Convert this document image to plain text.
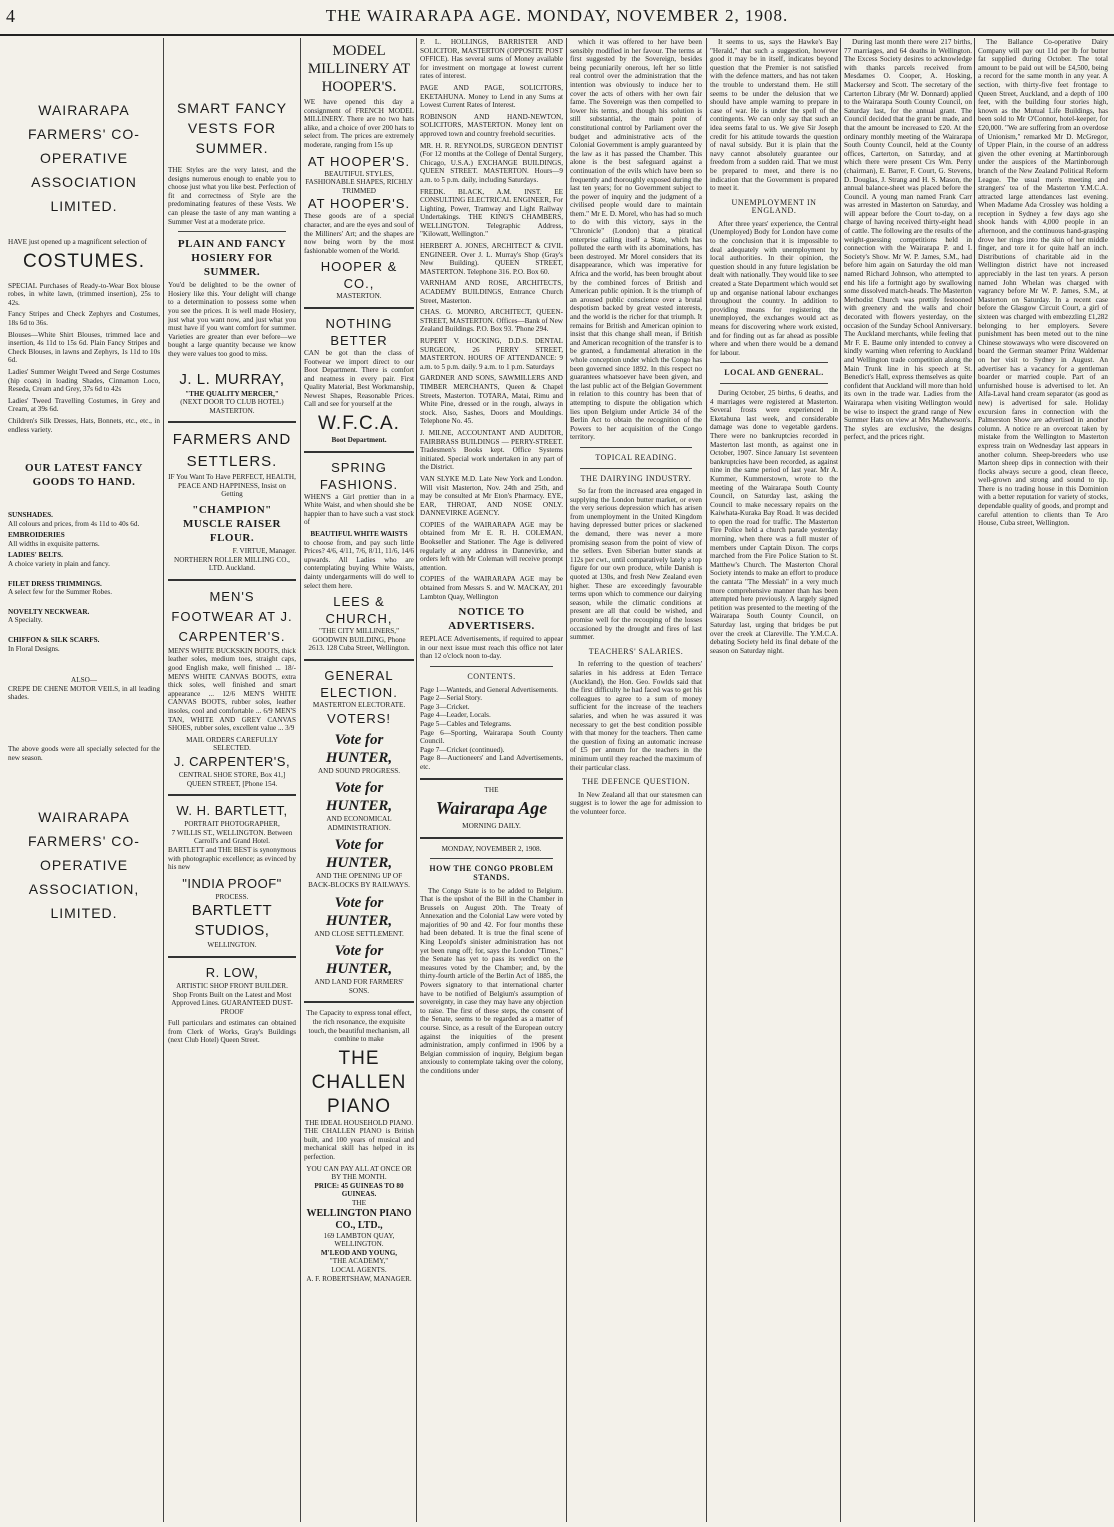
4	THE WAIRARAPA AGE. MONDAY, NOVEMBER 2, 1908.
WAIRARAPA FARMERS' CO-OPERATIVE ASSOCIATION LIMITED.
HAVE just opened up a magnificent selection of
COSTUMES.
SPECIAL Purchases of Ready-to-Wear Box blouse robes, in white lawn, (trimmed insertion), 25s to 42s.
Fancy Stripes and Check Zephyrs and Costumes, 18s 6d to 36s.
Blouses—White Shirt Blouses, trimmed lace and insertion, 4s 11d to 15s 6d. Plain Fancy Stripes and Check Blouses, in lawns and Zephyrs, 1s 11d to 10s 6d.
Ladies' Summer Weight Tweed and Serge Costumes (hip coats) in loading Shades, Cinnamon Loco, Reseda, Cream and Grey, 37s 6d to 42s
Ladies' Tweed Travelling Costumes, in Grey and Cream, at 39s 6d.
Children's Silk Dresses, Hats, Bonnets, etc., etc., in endless variety.
OUR LATEST FANCY GOODS TO HAND.
SUNSHADES.
All colours and prices, from 4s 11d to 40s 6d.
EMBROIDERIES
All widths in exquisite patterns.
LADIES' BELTS.
A choice variety in plain and fancy.
FILET DRESS TRIMMINGS.
A select few for the Summer Robes.
NOVELTY NECKWEAR.
A Specialty.
CHIFFON & SILK SCARFS.
In Floral Designs.
ALSO—
CREPE DE CHENE MOTOR VEILS, in all leading shades.
The above goods were all specially selected for the new season.
WAIRARAPA FARMERS' CO-OPERATIVE ASSOCIATION, LIMITED.
SMART FANCY VESTS FOR SUMMER.
THE Styles are the very latest, and the designs numerous enough to enable you to choose just what you like best. Perfection of fit and correctness of Style are the predominating features of these Vests. We can please the taste of any man wanting a Summer Vest at a moderate price.
PLAIN AND FANCY HOSIERY FOR SUMMER.
You'd be delighted to be the owner of Hosiery like this. Your delight will change to a determination to possess some when you see the prices. It is well made Hosiery, just what you want now, and just what you must have if you want comfort for summer. Varieties are greater than ever before—we bought a large quantity because we know they were values too good to miss.
J. L. MURRAY,
"THE QUALITY MERCER,"
(NEXT DOOR TO CLUB HOTEL)
MASTERTON.
FARMERS AND SETTLERS.
IF You Want To Have PERFECT, HEALTH, PEACE AND HAPPINESS, Insist on Getting
"CHAMPION" MUSCLE RAISER FLOUR.
F. VIRTUE, Manager.
NORTHERN ROLLER MILLING CO., LTD. Auckland.
MEN'S FOOTWEAR AT J. CARPENTER'S.
MEN'S WHITE BUCKSKIN BOOTS, thick leather soles, medium toes, straight caps, good English make, well finished ... 18/- MEN'S WHITE CANVAS BOOTS, extra thick soles, well finished and smart appearance ... 12/6 MEN'S WHITE CANVAS BOOTS, rubber soles, leather insoles, cool and comfortable ... 6/9 MEN'S TAN, WHITE AND GREY CANVAS SHOES, rubber soles, excellent value ... 3/9
MAIL ORDERS CAREFULLY SELECTED.
J. CARPENTER'S,
CENTRAL SHOE STORE, Box 41,] QUEEN STREET, [Phone 154.
W. H. BARTLETT,
PORTRAIT PHOTOGRAPHER,
7 WILLIS ST., WELLINGTON. Between Carroll's and Grand Hotel.
BARTLETT and THE BEST is synonymous with photographic excellence; as evinced by his new
"INDIA PROOF"
PROCESS.
BARTLETT STUDIOS,
WELLINGTON.
R. LOW,
ARTISTIC SHOP FRONT BUILDER.
Shop Fronts Built on the Latest and Most Approved Lines. GUARANTEED DUST-PROOF
Full particulars and estimates can obtained from Clerk of Works, Gray's Buildings (next Club Hotel) Queen Street.
MODEL MILLINERY AT HOOPER'S.
WE have opened this day a consignment of FRENCH MODEL MILLINERY. There are no two hats alike, and a choice of over 200 hats to select from. The prices are extremely moderate, ranging from 15s up
AT HOOPER'S.
BEAUTIFUL STYLES, FASHIONABLE SHAPES, RICHLY TRIMMED
AT HOOPER'S.
These goods are of a special character, and are the eyes and soul of the Milliners' Art; and the shapes are now being worn by the most fashionable women of the World.
HOOPER & CO.,
MASTERTON.
NOTHING BETTER
CAN be got than the class of Footwear we import direct to our Boot Department. There is comfort and neatness in every pair. First Quality Material, Best Workmanship, Newest Shapes, Reasonable Prices. Call and see for yourself at the
W.F.C.A.
Boot Department.
SPRING FASHIONS.
WHEN'S a Girl prettier than in a White Waist, and when should she be happier than to have such a vast stock of
BEAUTIFUL WHITE WAISTS
to choose from, and pay such little Prices? 4/6, 4/11, 7/6, 8/11, 11/6, 14/6 upwards. All Ladies who are contemplating buying White Waists, dainty undergarments will do well to select them here.
LEES & CHURCH,
"THE CITY MILLINERS,"
GOODWIN BUILDING, Phone 2613. 128 Cuba Street, Wellington.
GENERAL ELECTION.
MASTERTON ELECTORATE.
VOTERS!
Vote for HUNTER,
AND SOUND PROGRESS.
Vote for HUNTER,
AND ECONOMICAL ADMINISTRATION.
Vote for HUNTER,
AND THE OPENING UP OF BACK-BLOCKS BY RAILWAYS.
Vote for HUNTER,
AND CLOSE SETTLEMENT.
Vote for HUNTER,
AND LAND FOR FARMERS' SONS.
The Capacity to express tonal effect, the rich resonance, the exquisite touch, the beautiful mechanism, all combine to make
THE CHALLEN PIANO
THE IDEAL HOUSEHOLD PIANO.
THE CHALLEN PIANO is British built, and 100 years of musical and mechanical skill has helped in its perfection.
YOU CAN PAY ALL AT ONCE OR BY THE MONTH.
PRICE: 45 GUINEAS TO 80 GUINEAS.
THE
WELLINGTON PIANO CO., LTD.,
169 LAMBTON QUAY, WELLINGTON.
M'LEOD AND YOUNG,
"THE ACADEMY,"
LOCAL AGENTS.
A. F. ROBERTSHAW, MANAGER.
P. L. HOLLINGS, BARRISTER AND SOLICITOR, MASTERTON (OPPOSITE POST OFFICE). Has several sums of Money available for investment on mortgage at lowest current rates of interest.
PAGE AND PAGE, SOLICITORS, EKETAHUNA. Money to Lend in any Sums at Lowest Current Rates of Interest.
ROBINSON AND HAND-NEWTON, SOLICITORS, MASTERTON. Money lent on approved town and country freehold securities.
MR. H. R. REYNOLDS, SURGEON DENTIST (For 12 months at the College of Dental Surgery, Chicago, U.S.A.) EXCHANGE BUILDINGS, QUEEN STREET. MASTERTON. Hours—9 a.m. to 5 p.m. daily, including Saturdays.
FREDK. BLACK, A.M. INST. EE CONSULTING ELECTRICAL ENGINEER, For Lighting, Power, Tramway and Light Railway Undertakings. THE KING'S CHAMBERS, WELLINGTON. Telegraphic Address, "Kilowatt, Wellington."
HERBERT A. JONES, ARCHITECT & CIVIL ENGINEER. Over J. L. Murray's Shop (Gray's New Building). QUEEN STREET, MASTERTON. Telephone 316. P.O. Box 60.
VARNHAM AND ROSE, ARCHITECTS, ACADEMY BUILDINGS, Entrance Church Street, Masterton.
CHAS. G. MONRO, ARCHITECT, QUEEN-STREET, MASTERTON. Offices—Bank of New Zealand Buildings. P.O. Box 93. 'Phone 294.
RUPERT V. HOCKING, D.D.S. DENTAL SURGEON, 26 PERRY STREET, MASTERTON. HOURS OF ATTENDANCE: 9 a.m. to 5 p.m. daily. 9 a.m. to 1 p.m. Saturdays
GARDNER AND SONS, SAWMILLERS AND TIMBER MERCHANTS, Queen & Chapel Streets, Masterton. TOTARA, Matai, Rimu and White Pine, dressed or in the rough, always in stock. Also, Sashes, Doors and Mouldings. Telephone No. 45.
J. MILNE, ACCOUNTANT AND AUDITOR, FAIRBRASS BUILDINGS — PERRY-STREET. Tradesmen's Books kept. Office Systems initiated. Special work undertaken in any part of the District.
VAN SLYKE M.D. Late New York and London. Will visit Masterton, Nov. 24th and 25th, and may be consulted at Mr Eton's Pharmacy. EYE, EAR, THROAT, AND NOSE ONLY. DANNEVIRKE AGENCY.
COPIES of the WAIRARAPA AGE may be obtained from Mr E. R. H. COLEMAN, Bookseller and Stationer. The Age is delivered regularly at any address in Dannevirke, and orders left with Mr Coleman will receive prompt attention.
COPIES of the WAIRARAPA AGE may be obtained from Messrs S. and W. MACKAY, 201 Lambton Quay, Wellington
NOTICE TO ADVERTISERS.
REPLACE Advertisements, if required to appear in our next issue must reach this office not later than 12 o'clock noon to-day.
CONTENTS.
Page 1—Wanteds, and General Advertisements.
Page 2—Serial Story.
Page 3—Cricket.
Page 4—Leader, Locals.
Page 5—Cables and Telegrams.
Page 6—Sporting, Wairarapa South County Council.
Page 7—Cricket (continued).
Page 8—Auctioneers' and Land Advertisements, etc.
THE
Wairarapa Age
MORNING DAILY.
MONDAY, NOVEMBER 2, 1908.
HOW THE CONGO PROBLEM STANDS.
The Congo State is to be added to Belgium. That is the upshot of the Bill in the Chamber in Brussels on August 20th. The Treaty of Annexation and the Colonial Law were voted by majorities of 90 and 42. For four months these had been debated. It is true the final scene of King Leopold's sinister administration has not yet been rung off; for, says the London "Times," the Senate has yet to pass its verdict on the measures voted by the Chamber; and, by the thirty-fourth article of the Berlin Act of 1885, the Powers signatory to that international charter have to be notified of Belgium's assumption of sovereignty, in case they may have any objection to raise. The first of these steps, the consent of the Senate, seems to be regarded as a matter of course. Since, as a result of the European outcry against the iniquities of the present administration, amply confirmed in 1906 by a Belgian commission of inquiry, Belgium began anxiously to contemplate taking over the colony, the conditions under
which it was offered to her have been sensibly modified in her favour. The terms at first suggested by the Sovereign, besides being pecuniarily onerous, left her so little real control over the administration that the intention was obviously to induce her to cover the acts of others with her own fair fame. The Sovereign was then compelled to lower his terms, and though his solution is still substantial, the main point of constitutional control by Parliament over the budget and administrative acts of the Colonial Government is amply guaranteed by the law as it has passed the Chamber. This alone is the best safeguard against a continuation of the evils which have been so frequently and thoroughly exposed during the last ten years; for no Government subject to the power of inquiry and the judgment of a civilised people would dare to maintain them." Mr E. D. Morel, who has had so much to do with this victory, says in the "Chronicle" (London) that a piratical enterprise calling itself a State, which has polluted the earth with its abominations, has been destroyed. Mr Morel considers that its disappearance, which was imperative for Africa and the world, has been brought about by the combined forces of British and American public opinion. It is the triumph of an aroused public conscience over a brutal despotism backed by great vested interests, and the world is the richer for that triumph. It remains for British and American opinion to insist that this change shall mean, if British and American recognition of the transfer is to be granted, a fundamental alteration in the whole conception under which the Congo has been governed since 1892. In this respect no guarantees whatsoever have been given, and the last public act of the Belgian Government in relation to this country has been that of attempting to dispute the obligation which lies upon Belgium under Article 34 of the Berlin Act to obtain the recognition of the Powers to her acquisition of the Congo territory.
TOPICAL READING.
THE DAIRYING INDUSTRY.
So far from the increased area engaged in supplying the London butter market, or even the very serious depression which has arisen from unemployment in the United Kingdom having depressed butter prices or slackened the demand, there was never a more promising season from the point of view of the sellers. Even Siberian butter stands at 112s per cwt., until comparatively lately a top figure for our own produce, while Danish is quoted at 130s, and fresh New Zealand even higher. These are exceedingly favourable terms upon which to commence our dairying season, while the climatic conditions at present are all that could be wished, and promise well for the recouping of the losses occasioned by the drought and fires of last summer.
TEACHERS' SALARIES.
In referring to the question of teachers' salaries in his address at Eden Terrace (Auckland), the Hon. Geo. Fowlds said that the first difficulty he had faced was to get his colleagues to agree to a sum of money sufficient for the increase of the teachers salaries, and when he was assured it was necessary to get the best condition possible with that money for the teachers. Then came the question of fixing an automatic increase of £5 per annum for the teachers in the minimum until they reached the maximum of their particular class.
THE DEFENCE QUESTION.
In New Zealand all that our statesmen can suggest is to lower the age for admission to the volunteer force.
It seems to us, says the Hawke's Bay "Herald," that such a suggestion, however good it may be in itself, indicates beyond question that the Premier is not satisfied with the defence matters, and has not taken the trouble to understand them. He still seems to be under the delusion that we should have ample warning to prepare in case of war. He is under the spell of the contingents. We can only say that such an idea seems fatal to us. We give Sir Joseph credit for his attitude towards the question of naval subsidy. But it is plain that the navy cannot absolutely guarantee our freedom from a sudden raid. That we must be prepared to meet, and there is no indication that the Government is prepared to meet it.
UNEMPLOYMENT IN ENGLAND.
After three years' experience, the Central (Unemployed) Body for London have come to the conclusion that it is impossible to deal adequately with unemployment by local authorities. In their opinion, the question should in any future legislation be dealt with nationally. They would like to see created a State Department which would set up and organise national labour exchanges throughout the country. In addition to providing means for registering the unemployed, the exchanges would act as means for discovering where work existed, and for finding out as far ahead as possible where and when there would be a demand for labour.
LOCAL AND GENERAL.
During October, 25 births, 6 deaths, and 4 marriages were registered at Masterton. Several frosts were experienced in Eketahuna last week, and considerable damage was done to vegetable gardens. There were no bankruptcies recorded in Masterton last month, as against one in October, 1907. Since January 1st seventeen bankruptcies have been recorded, as against nine in the same period of last year. Mr A. Kummer, Kummerstown, wrote to the meeting of the Wairarapa South County Council, on Saturday last, asking the Council to make necessary repairs on the Kaiwhata-Kuraka Bay Road. It was decided to open the road for traffic. The Masterton Fire Police held a church parade yesterday morning, when there was a full muster of members under Captain Dixon. The corps marched from the Fire Police Station to St. Matthew's Church. The Masterton Choral Society intends to make an effort to produce the cantata "The Messiah" in a very much more comprehensive manner than has been attempted here previously. A largely signed petition was presented to the meeting of the Wairarapa South County Council, on Saturday last, urging that bridges be put over the creek at Clareville. The Y.M.C.A. debating Society held its final debate of the season on Saturday night.
During last month there were 217 births, 77 marriages, and 64 deaths in Wellington. The Excess Society desires to acknowledge with thanks parcels received from Mesdames O. Cooper, A. Hosking, Mackersey and Scott. The secretary of the Carterton Library (Mr W. Donnard) applied to the Wairarapa South County Council, on Saturday last, for the annual grant. The Council decided that the grant be made, and that the amount be increased to £20. At the ordinary monthly meeting of the Wairarapa South County Council, held at the County offices, Carterton, on Saturday, and at which there were present Crs Wm. Perry (chairman), E. Barrer, F. Court, G. Stevens, D. Douglas, J. Strang and H. S. Mason, the annual balance-sheet was placed before the Council. A young man named Frank Carr was arrested in Masterton on Saturday, and will appear before the Court to-day, on a charge of having received thirty-eight head of cattle. The following are the results of the weight-guessing competitions held in connection with the Wairarapa P. and I. Society's Show. Mr W. P. James, S.M., had before him again on Saturday the old man named Richard Johnson, who attempted to end his life a fortnight ago by swallowing some dissolved match-heads. The Masterton Methodist Church was prettily festooned with greenery and the walls and choir decorated with flowers yesterday, on the occasion of the Sunday School Anniversary. The Auckland merchants, while feeling that Mr F. E. Baume only intended to convey a kindly warning when referring to Auckland and Wellington trade competition along the Main Trunk line in his speech at St. Benedict's Hall, express themselves as quite confident that Auckland will more than hold its own in the trade war. Ladies from the Wairarapa when visiting Wellington would be wise to inspect the grand range of New Summer Hats on view at Mrs Mathewson's. The styles are exclusive, the designs perfect, and the prices right.
The Ballance Co-operative Dairy Company will pay out 11d per lb for butter fat supplied during October. The total amount to be paid out will be £4,500, being a record for the same month in any year. A section, with thirty-five feet frontage to Queen Street, Auckland, and a depth of 100 feet, with the building four stories high, known as the Mutual Life Buildings, has been sold to Mr O'Connor, hotel-keeper, for £20,000. "We are suffering from an overdose of Unionism," remarked Mr D. McGregor, of Upper Plain, in the course of an address given the other evening at Martinborough under the auspices of the Martinborough branch of the New Zealand Political Reform League. The usual men's meeting and strangers' tea of the Masterton Y.M.C.A. attracted large attendances last evening. When Madame Ada Crossley was holding a reception in Sydney a few days ago she shook hands with 4,000 people in an afternoon, and the continuous hand-grasping drove her rings into the skin of her middle finger, and tore it for quite half an inch. Distributions of charitable aid in the Wellington district have not increased appreciably in the last ten years. A person named John Whelan was charged with vagrancy before Mr W. P. James, S.M., at Masterton on Saturday. In a recent case before the Glasgow Circuit Court, a girl of sixteen was charged with embezzling £1,282 belonging to her employers. Severe punishment has been meted out to the nine Chinese stowaways who were discovered on board the German steamer Prinz Waldemar on her visit to Sydney in August. An advertiser has a vacancy for a gentleman boarder or married couple. Part of an unfurnished house is advertised to let. An Alfa-Laval hand cream separator (as good as new) is advertised for sale. Holiday excursion fares in connection with the Palmerston Show are advertised in another column. A notice re an overcoat taken by mistake from the Wellington to Masterton express train on Wednesday last appears in another column. Sheep-breeders who use Marton sheep dips in connection with their flocks always secure a good, clean fleece, well-grown and strong and sound to tip. There is no trading house in this Dominion with a better reputation for variety of stocks, dependable quality of goods, and prompt and careful attention to clients than Te Aro House, Cuba street, Wellington.
